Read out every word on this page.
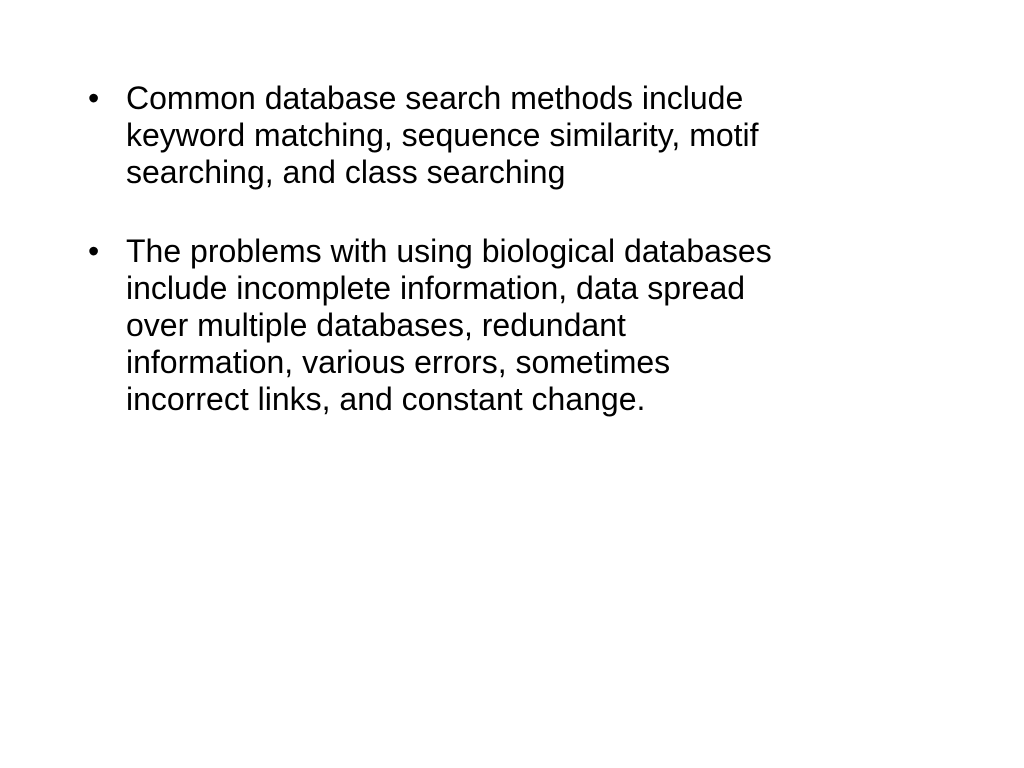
• Common database search methods include
keyword matching, sequence similarity, motif
searching, and class searching
• The problems with using biological databases
include incomplete information, data spread
over multiple databases, redundant
information, various errors, sometimes
incorrect links, and constant change.
